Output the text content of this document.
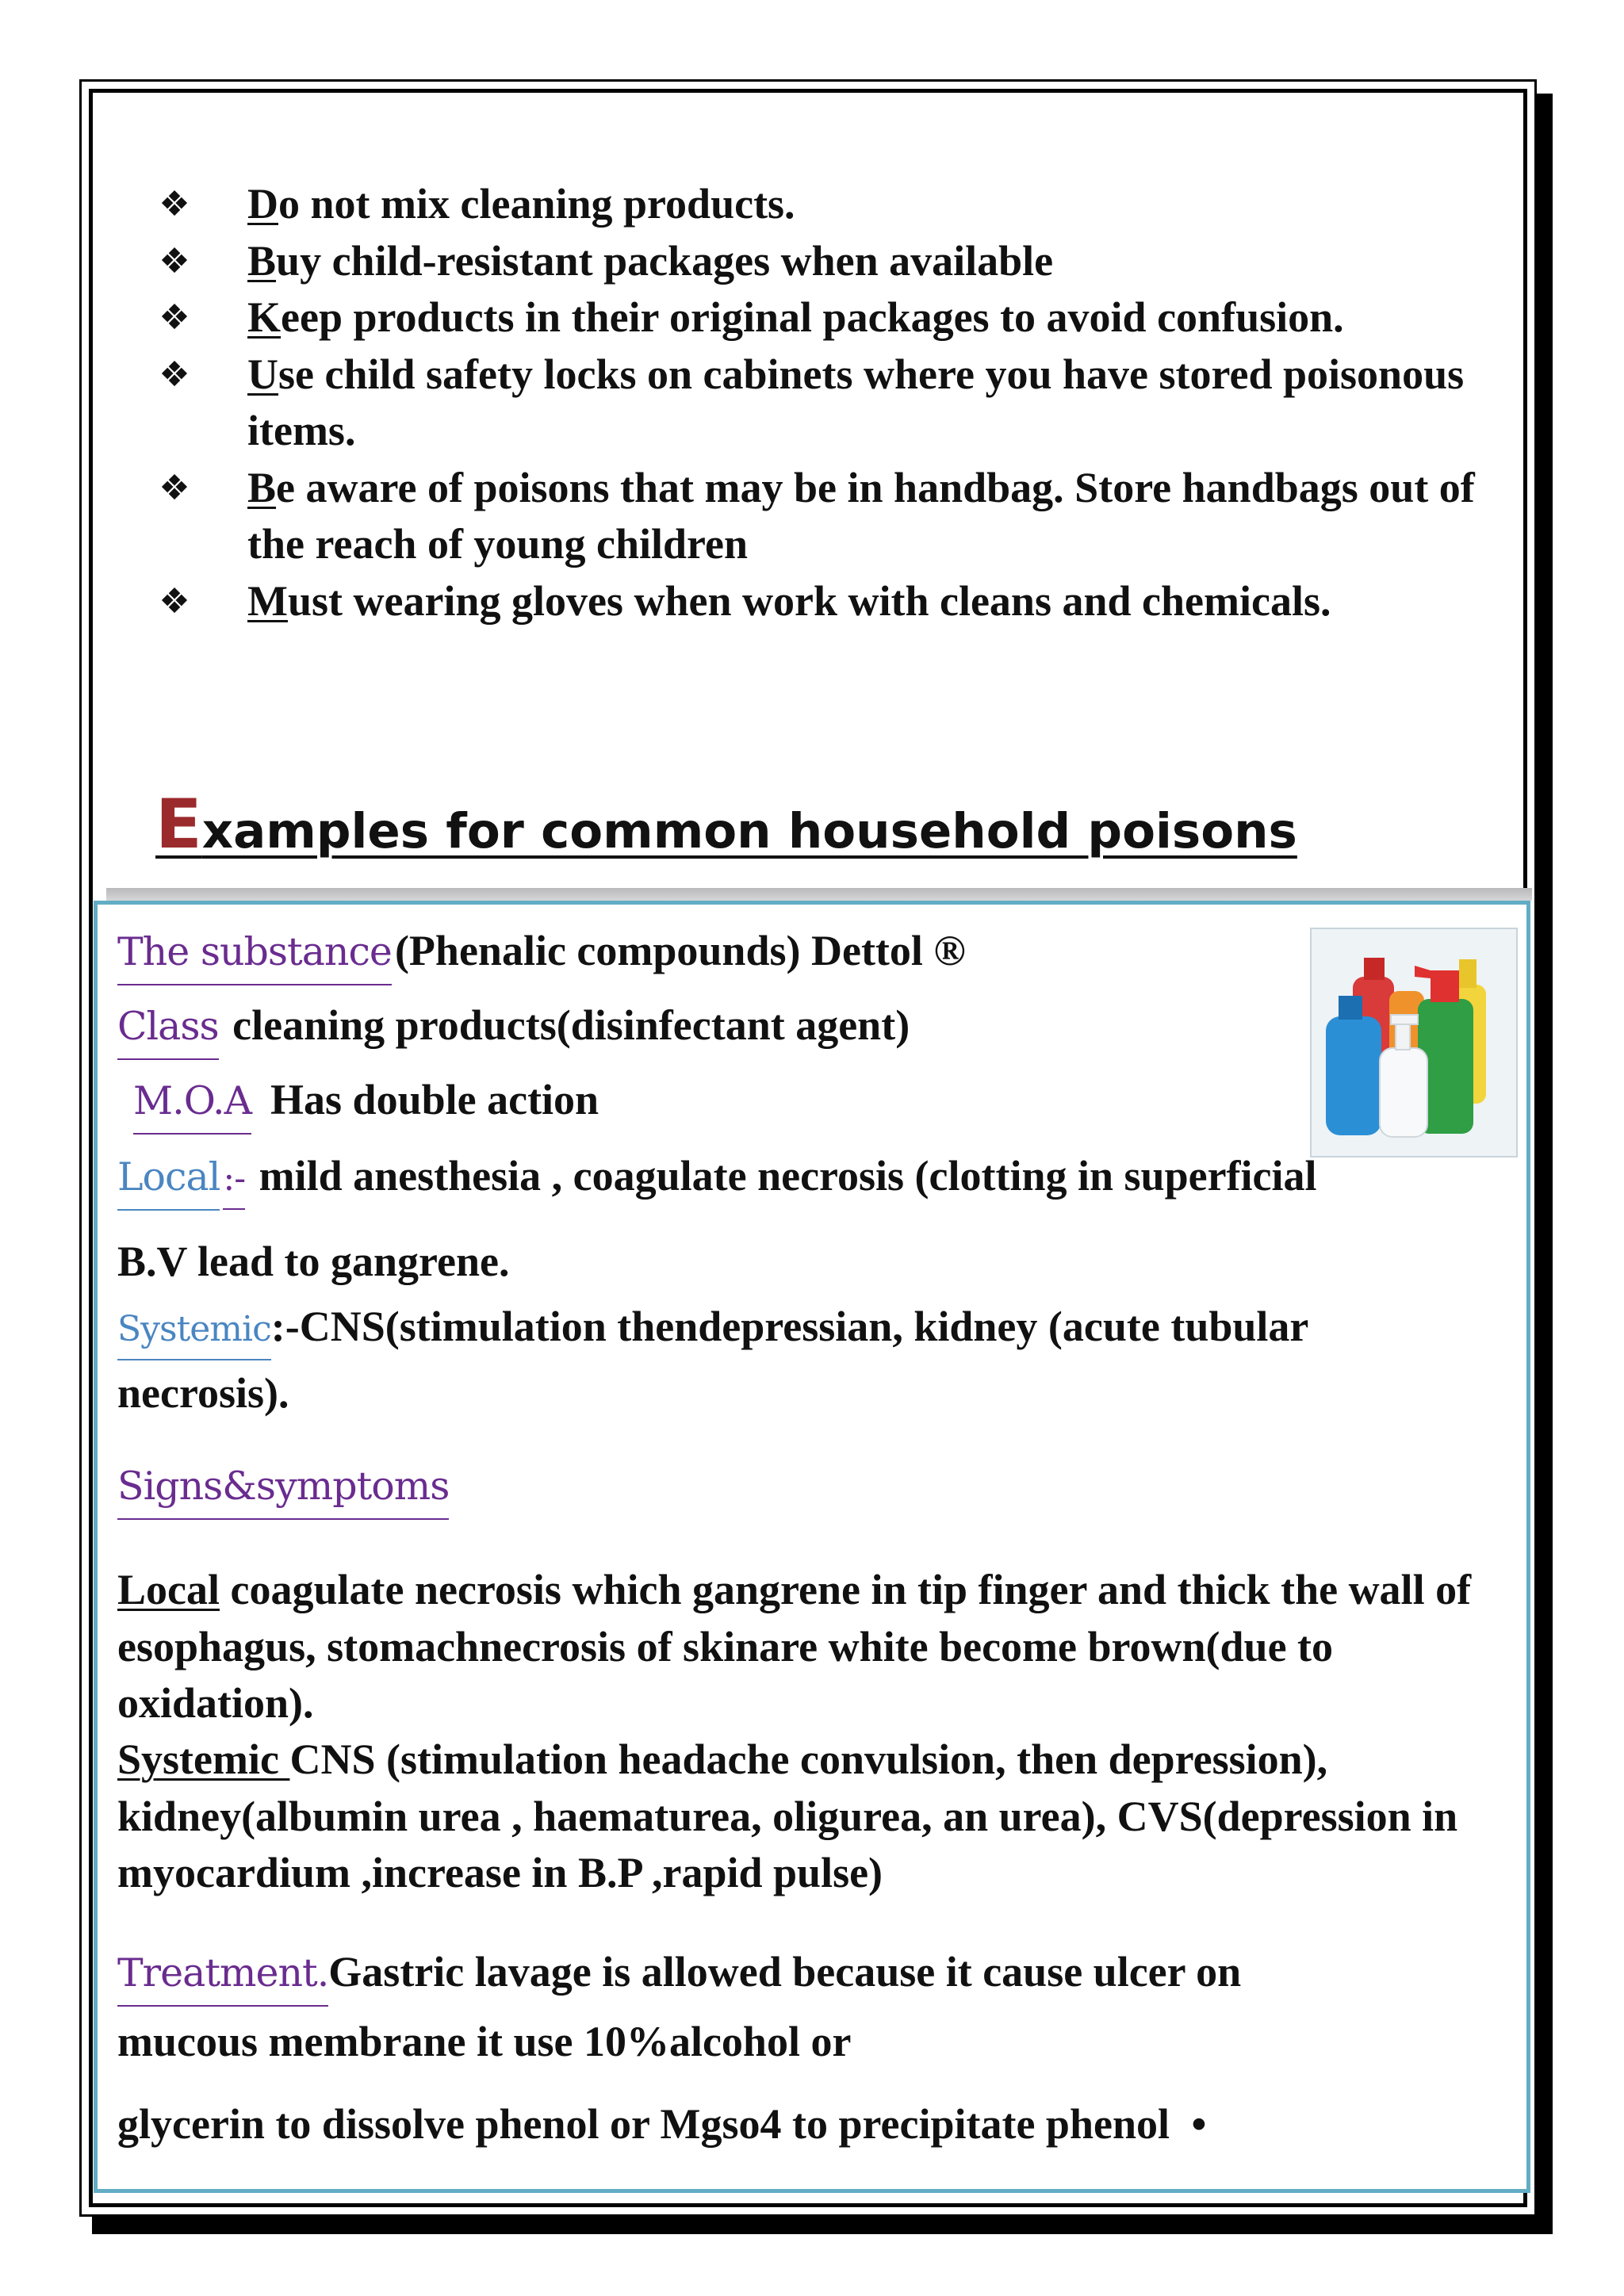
❖ Do not mix cleaning products.
❖ Buy child-resistant packages when available
❖ Keep products in their original packages to avoid confusion.
❖ Use child safety locks on cabinets where you have stored poisonous items.
❖ Be aware of poisons that may be in handbag. Store handbags out of the reach of young children
❖ Must wearing gloves when work with cleans and chemicals.
Examples for common household poisons
The substance(Phenalic compounds) Dettol ®
Class cleaning products(disinfectant agent)
M.O.A Has double action
Local:- mild anesthesia , coagulate necrosis (clotting in superficial
B.V lead to gangrene.
Systemic:-CNS(stimulation thendepressian, kidney (acute tubular
necrosis).
Signs&symptoms
Local coagulate necrosis which gangrene in tip finger and thick the wall of esophagus, stomachnecrosis of skinare white become brown(due to oxidation).
Systemic CNS (stimulation headache convulsion, then depression), kidney(albumin urea , haematurea, oligurea, an urea), CVS(depression in myocardium ,increase in B.P ,rapid pulse)
Treatment.Gastric lavage is allowed because it cause ulcer on
mucous membrane it use 10%alcohol or
glycerin to dissolve phenol or Mgso4 to precipitate phenol •
